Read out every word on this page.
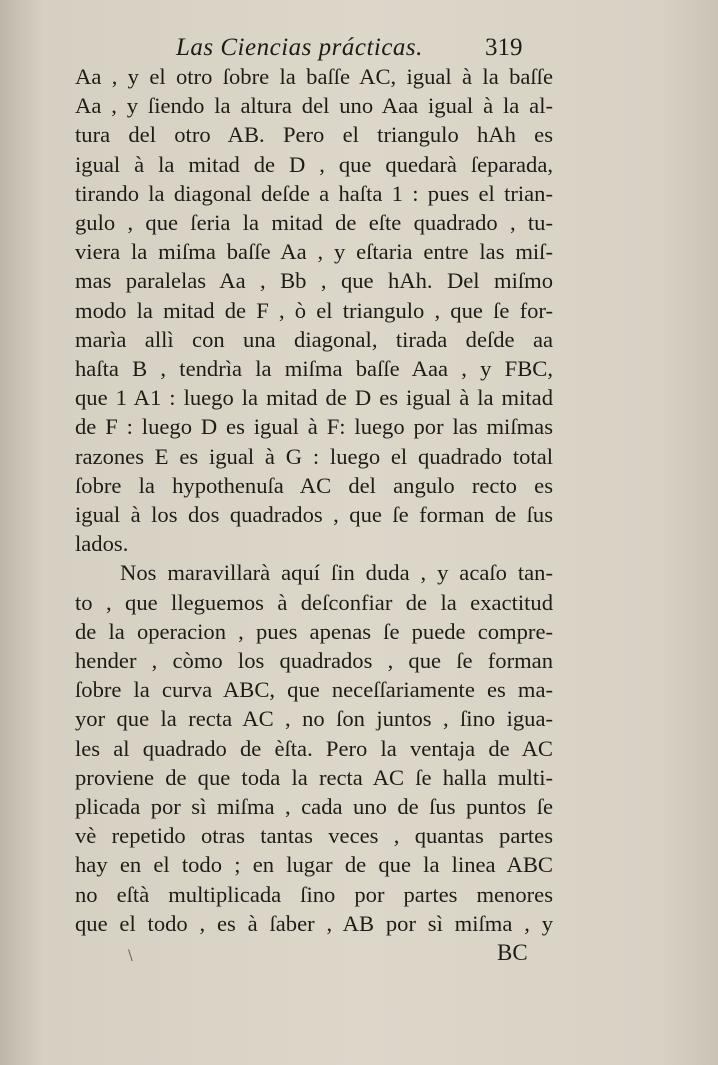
Las Ciencias prácticas. 319
Aa , y el otro ſobre la baſſe AC, igual à la baſſe
Aa , y ſiendo la altura del uno Aaa igual à la al-
tura del otro AB. Pero el triangulo hAh es
igual à la mitad de D , que quedarà ſeparada,
tirando la diagonal deſde a haſta 1 : pues el trian-
gulo , que ſeria la mitad de eſte quadrado , tu-
viera la miſma baſſe Aa , y eſtaria entre las miſ-
mas paralelas Aa , Bb , que hAh. Del miſmo
modo la mitad de F , ò el triangulo , que ſe for-
marìa allì con una diagonal, tirada deſde aa
haſta B , tendrìa la miſma baſſe Aaa , y FBC,
que 1 A1 : luego la mitad de D es igual à la mitad
de F : luego D es igual à F: luego por las miſmas
razones E es igual à G : luego el quadrado total
ſobre la hypothenuſa AC del angulo recto es
igual à los dos quadrados , que ſe forman de ſus
lados.
Nos maravillarà aquí ſin duda , y acaſo tan-
to , que lleguemos à deſconfiar de la exactitud
de la operacion , pues apenas ſe puede compre-
hender , còmo los quadrados , que ſe forman
ſobre la curva ABC, que neceſſariamente es ma-
yor que la recta AC , no ſon juntos , ſino igua-
les al quadrado de èſta. Pero la ventaja de AC
proviene de que toda la recta AC ſe halla multi-
plicada por sì miſma , cada uno de ſus puntos ſe
vè repetido otras tantas veces , quantas partes
hay en el todo ; en lugar de que la linea ABC
no eſtà multiplicada ſino por partes menores
que el todo , es à ſaber , AB por sì miſma , y
\	BC
